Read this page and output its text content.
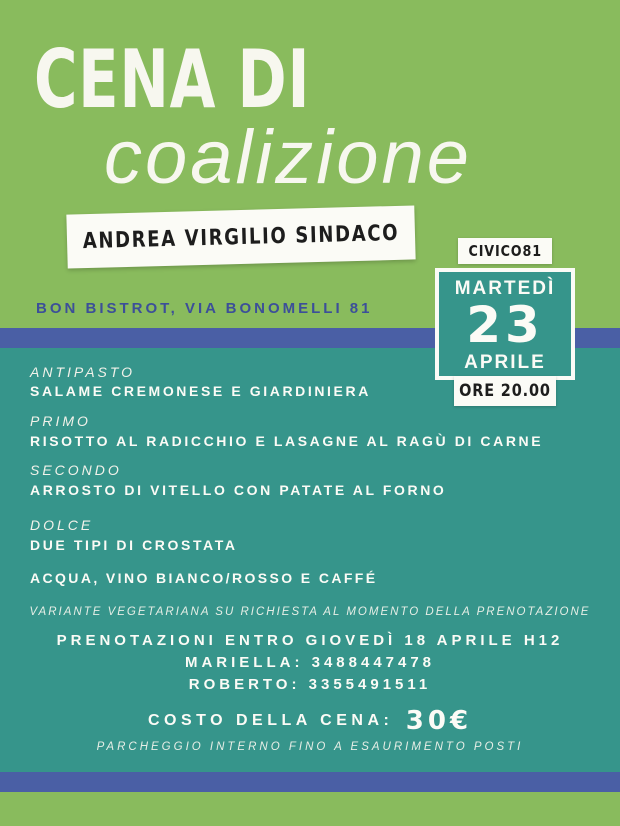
CENA DI
coalizione
ANDREA VIRGILIO SINDACO
BON BISTROT, VIA BONOMELLI 81
CIVICO81
MARTEDÌ
23
APRILE
ORE 20.00
ANTIPASTO
SALAME CREMONESE E GIARDINIERA
PRIMO
RISOTTO AL RADICCHIO E LASAGNE AL RAGÙ DI CARNE
SECONDO
ARROSTO DI VITELLO CON PATATE AL FORNO
DOLCE
DUE TIPI DI CROSTATA
ACQUA, VINO BIANCO/ROSSO E CAFFÉ
VARIANTE VEGETARIANA SU RICHIESTA AL MOMENTO DELLA PRENOTAZIONE
PRENOTAZIONI ENTRO GIOVEDÌ 18 APRILE H12
MARIELLA: 3488447478
ROBERTO: 3355491511
COSTO DELLA CENA: 30€
PARCHEGGIO INTERNO FINO A ESAURIMENTO POSTI
